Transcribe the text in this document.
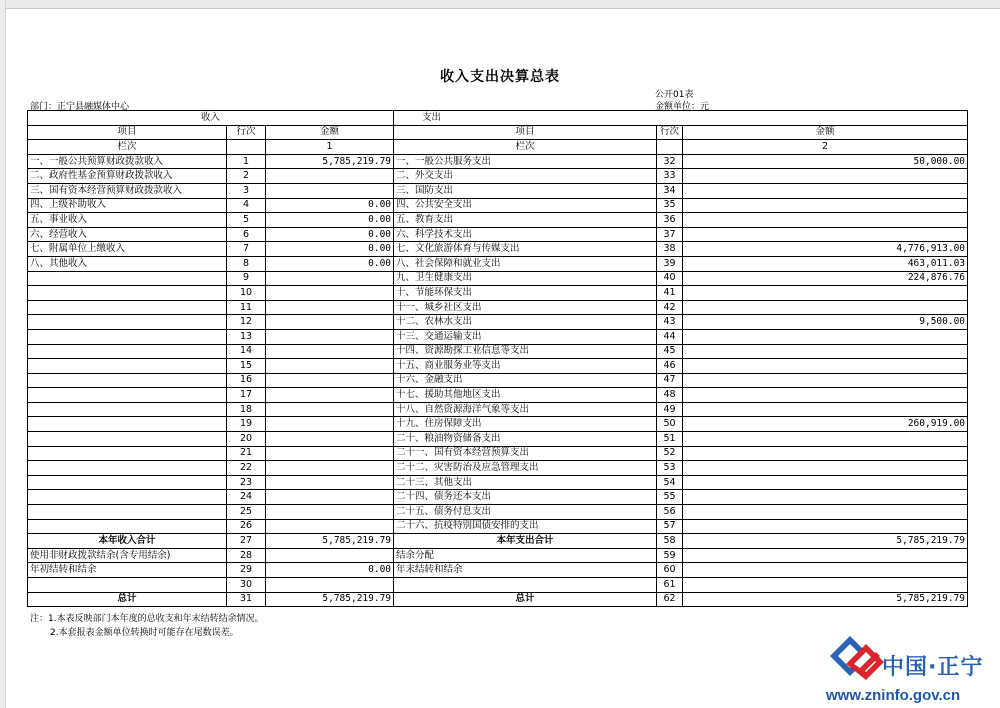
收入支出决算总表
公开01表
金额单位：元
部门：正宁县融媒体中心
收入			支出		
项目	行次	金额	项目	行次	金额
栏次		1	栏次		2
一、一般公共预算财政拨款收入	1	5,785,219.79	一、一般公共服务支出	32	50,000.00
二、政府性基金预算财政拨款收入	2		二、外交支出	33	
三、国有资本经营预算财政拨款收入	3		三、国防支出	34	
四、上级补助收入	4	0.00	四、公共安全支出	35	
五、事业收入	5	0.00	五、教育支出	36	
六、经营收入	6	0.00	六、科学技术支出	37	
七、附属单位上缴收入	7	0.00	七、文化旅游体育与传媒支出	38	4,776,913.00
八、其他收入	8	0.00	八、社会保障和就业支出	39	463,011.03
	9		九、卫生健康支出	40	224,876.76
	10		十、节能环保支出	41	
	11		十一、城乡社区支出	42	
	12		十二、农林水支出	43	9,500.00
	13		十三、交通运输支出	44	
	14		十四、资源勘探工业信息等支出	45	
	15		十五、商业服务业等支出	46	
	16		十六、金融支出	47	
	17		十七、援助其他地区支出	48	
	18		十八、自然资源海洋气象等支出	49	
	19		十九、住房保障支出	50	260,919.00
	20		二十、粮油物资储备支出	51	
	21		二十一、国有资本经营预算支出	52	
	22		二十二、灾害防治及应急管理支出	53	
	23		二十三、其他支出	54	
	24		二十四、债务还本支出	55	
	25		二十五、债务付息支出	56	
	26		二十六、抗疫特别国债安排的支出	57	
本年收入合计	27	5,785,219.79	本年支出合计	58	5,785,219.79
使用非财政拨款结余(含专用结余)	28		结余分配	59	
年初结转和结余	29	0.00	年末结转和结余	60	
	30			61	
总计	31	5,785,219.79	总计	62	5,785,219.79
注：1.本表反映部门本年度的总收支和年末结转结余情况。
2.本套报表金额单位转换时可能存在尾数误差。
中国·正宁
www.zninfo.gov.cn
